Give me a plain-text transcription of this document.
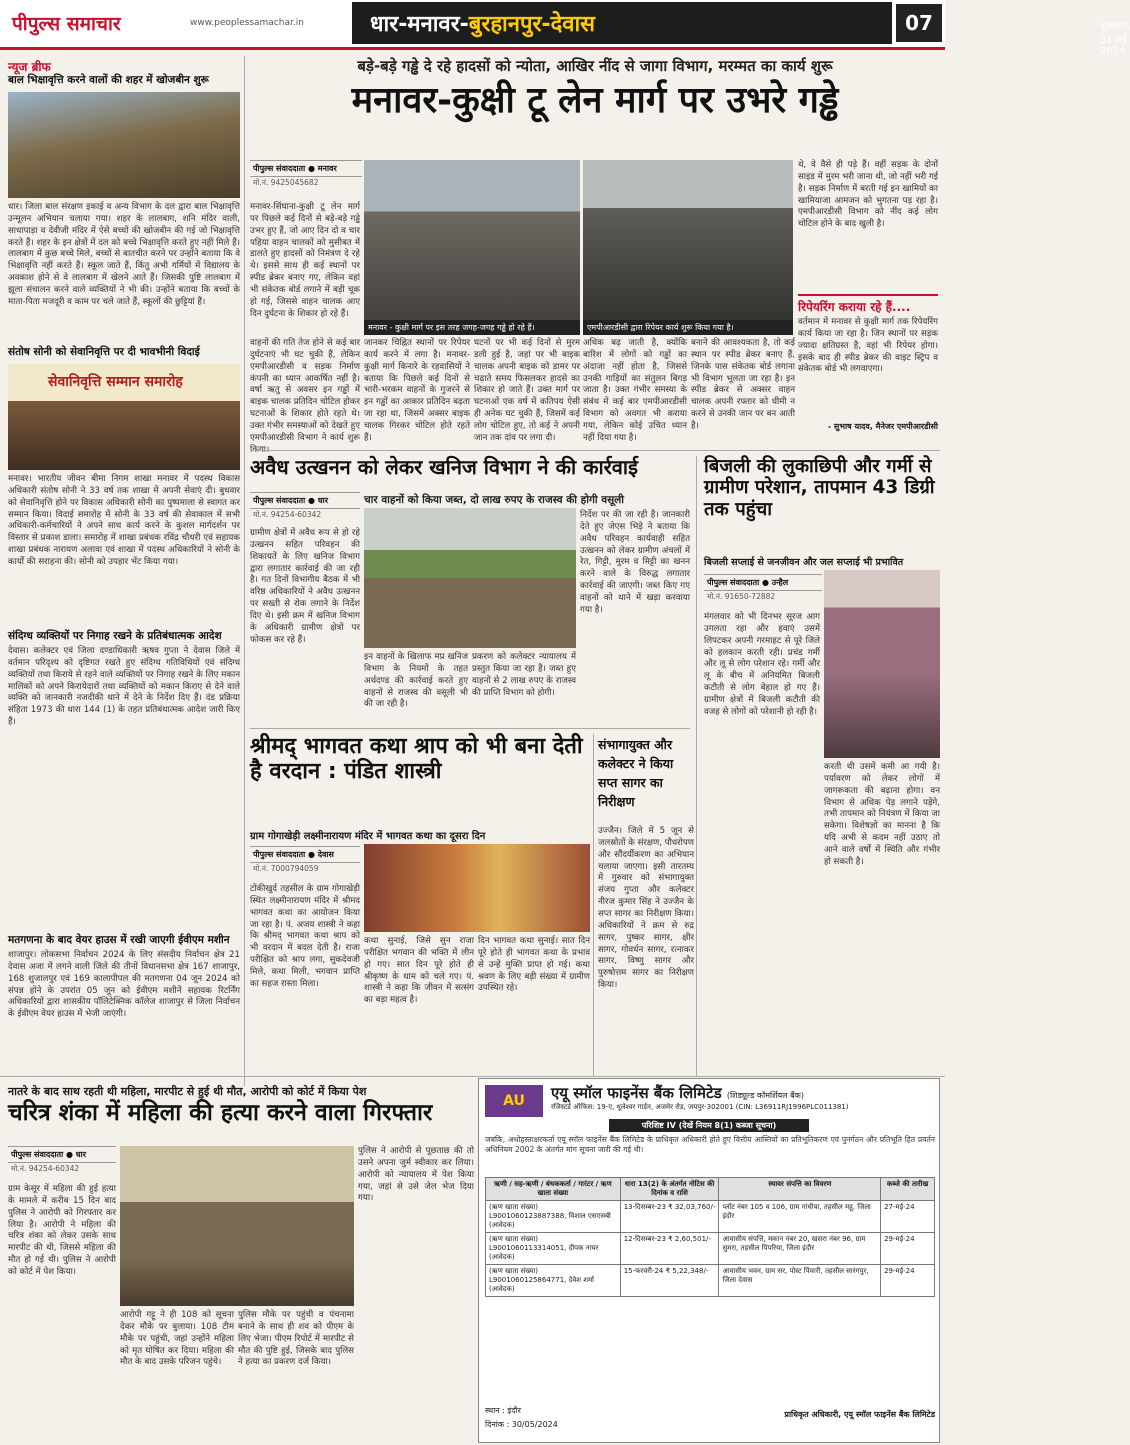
पीपुल्स समाचार	www.peoplessamachar.in	धार-मनावर-बुरहानपुर-देवास	शुक्रवार, 31 मई 2024
07
न्यूज ब्रीफ
बाल भिक्षावृत्ति करने वालों की शहर में खोजबीन शुरू

धार। जिला बाल संरक्षण इकाई व अन्य विभाग के दल द्वारा बाल भिक्षावृत्ति उन्मूलन अभियान चलाया गया। शहर के लालबाग, शनि मंदिर वाली, साधापाड़ा व देवीजी मंदिर में ऐसे बच्चों की खोजबीन की गई जो भिक्षावृत्ति करते हैं। शहर के इन क्षेत्रों में दल को बच्चे भिक्षावृत्ति करते हुए नहीं मिले हैं। लालबाग में कुछ बच्चे मिले, बच्चों से बातचीत करने पर उन्होंने बताया कि वे भिक्षावृत्ति नहीं करते हैं। स्कूल जाते हैं, किंतु अभी गर्मियों में विद्यालय के अवकाश होने से वे लालबाग में खेलने आते हैं। जिसकी पुष्टि लालबाग में झूला संचालन करने वाले व्यक्तियों ने भी की। उन्होंने बताया कि बच्चों के माता-पिता मजदूरी व काम पर चले जाते हैं, स्कूलों की छुट्टियां हैं।

संतोष सोनी को सेवानिवृत्ति पर दी भावभीनी विदाई
सेवानिवृत्ति सम्मान समारोह

मनावर। भारतीय जीवन बीमा निगम शाखा मनावर में पदस्थ विकास अधिकारी संतोष सोनी ने 33 वर्ष तक शाखा में अपनी सेवाएं दी। बुधवार को सेवानिवृत्ति होने पर विकास अधिकारी सोनी का पुष्पमाला से स्वागत कर सम्मान किया। विदाई समारोह में सोनी के 33 वर्ष की सेवाकाल में सभी अधिकारी-कर्मचारियों ने अपने साथ कार्य करने के कुशल मार्गदर्शन पर विस्तार से प्रकाश डाला। समारोह में शाखा प्रबंधक रविंद्र चौधरी एवं सहायक शाखा प्रबंधक नारायण अलावा एवं शाखा में पदस्थ अधिकारियों ने सोनी के कार्यों की सराहना की। सोनी को उपहार भेंट किया गया।

संदिग्ध व्यक्तियों पर निगाह रखने के प्रतिबंधात्मक आदेश

देवास। कलेक्टर एवं जिला दण्डाधिकारी ऋषव गुप्ता ने देवास जिले में वर्तमान परिदृश्य को दृष्टिगत रखते हुए संदिग्ध गतिविधियों एवं संदिग्ध व्यक्तियों तथा किराये से रहने वाले व्यक्तियों पर निगाह रखने के लिए मकान मालिकों को अपने किरायेदारों तथा व्यक्तियों को मकान किराए से देने वाले व्यक्ति को जानकारी नजदीकी थाने में देने के निर्देश दिए हैं। दंड प्रक्रिया संहिता 1973 की धारा 144 (1) के तहत प्रतिबंधात्मक आदेश जारी किए हैं।

मतगणना के बाद वेयर हाउस में रखी जाएगी ईवीएम मशीन

शाजापुर। लोकसभा निर्वाचन 2024 के लिए संसदीय निर्वाचन क्षेत्र 21 देवास अजा में लगने वाली जिले की तीनों विधानसभा क्षेत्र 167 शाजापुर, 168 शुजालपुर एवं 169 कालापीपल की मतगणना 04 जून 2024 को संपन्न होने के उपरांत 05 जून को ईवीएम मशीनें सहायक रिटर्निंग अधिकारियों द्वारा शासकीय पॉलिटेक्निक कॉलेज शाजापुर से जिला निर्वाचन के ईवीएम वेयर हाउस में भेजी जाएंगी।

बड़े-बड़े गड्ढे दे रहे हादसों को न्योता, आखिर नींद से जागा विभाग, मरम्मत का कार्य शुरू
मनावर-कुक्षी टू लेन मार्ग पर उभरे गड्ढे
पीपुल्स संवाददाता ● मनावर
मो.नं. 9425045682
मनावर - कुक्षी मार्ग पर इस तरह जगह-जगह गड्ढे हो रहे हैं।	एमपीआरडीसी द्वारा रिपेयर कार्य शुरू किया गया है।

मनावर-सिंघाना-कुक्षी टू लेन मार्ग पर पिछले कई दिनों से बड़े-बड़े गड्ढे उभर हुए हैं, जो आए दिन दो व चार पहिया वाहन चालकों को मुसीबत में डालते हुए हादसों को निमंत्रण दे रहे थे। इससे साथ ही कई स्थानों पर स्पीड ब्रेकर बनाए गए, लेकिन वहां भी संकेतक बोर्ड लगाने में बड़ी चूक हो गई, जिससे वाहन चालक आए दिन दुर्घटना के शिकार हो रहे हैं।

वाहनों की गति तेज होने से कई बार दुर्घटनाएं भी घट चुकी हैं, लेकिन एमपीआरडीसी व सड़क निर्माण कंपनी का ध्यान आकर्षित नहीं है। वर्षा ऋतु से अवसर इन गड्ढों में बाइक चालक प्रतिदिन चोटिल होकर घटनाओं के शिकार होते रहते थे। उक्त गंभीर समस्याओं को देखते हुए एमपीआरडीसी विभाग ने कार्य शुरू

जानकर चिह्नित स्थानों पर रिपेयर कार्य करने में लगा है। मनावर-कुक्षी मार्ग किनारे के रहवासियों ने बताया कि पिछले कई दिनों से भारी-भरकम वाहनों के गुजरने से इन गड्ढों का आकार प्रतिदिन बढ़ता जा रहा था, जिसमें अक्सर बाइक चालक गिरकर चोटिल होते रहते हैं।

घटनों पर भी कई दिनों से मुरम डली हुई है, जहां पर भी बाइक चालक अपनी बाइक को डामर पर चढ़ाते समय फिसलकर हादसे का शिकार हो जाते हैं। उक्त मार्ग पर घटनाओं एक वर्ष में कतिपय ऐसी ही अनेक घट चुकी हैं, जिसमें कई लोग चोटिल हुए, तो कई ने अपनी जान तक दांव पर लगा दी।

अधिक बढ़ जाती है, क्योंकि बारिश में लोगों को गड्ढों का अंदाजा नहीं होता है, जिससे उनकी गाड़ियों का संतुलन बिगड़ जाता है। उक्त गंभीर समस्या के संबंध में कई बार एमपीआरडीसी विभाग को अवगत भी कराया गया, लेकिन कोई उचित ध्यान नहीं दिया गया है।

बनाने की आवश्यकता है, तो कई स्थान पर स्पीड ब्रेकर बनाए हैं, जिनके पास संकेतक बोर्ड लगाना भी विभाग भूलता जा रहा है। इन स्पीड ब्रेकर से अक्सर वाहन चालक अपनी रफ्तार को धीमी न करने से उनकी जान पर बन आती है।

थे, वे वैसे ही पड़े हैं। वहीं सड़क के दोनों साइड में मुरम भरी जाना थी, जो नहीं भरी गई है। सड़क निर्माण में बरती गई इन खामियों का खामियाजा आमजन को भुगतना पड़ रहा है। एमपीआरडीसी विभाग को नींद कई लोग चोटिल होने के बाद खुली है।

रिपेयरिंग कराया रहे हैं....

वर्तमान में मनावर से कुक्षी मार्ग तक रिपेयरिंग कार्य किया जा रहा है। जिन स्थानों पर सड़क ज्यादा क्षतिग्रस्त है, वहां भी रिपेयर होगा। इसके बाद ही स्पीड ब्रेकर की वाइट स्ट्रिप व संकेतक बोर्ड भी लगवाएगा।

- सुभाष यादव, मैनेजर एमपीआरडीसी
अवैध उत्खनन को लेकर खनिज विभाग ने की कार्रवाई
चार वाहनों को किया जब्त, दो लाख रुपए के राजस्व की होगी वसूली
पीपुल्स संवाददाता ● धार
मो.नं. 94254-60342

ग्रामीण क्षेत्रों में अवैध रूप से हो रहे उत्खनन सहित परिवहन की शिकायतें के लिए खनिज विभाग द्वारा लगातार कार्रवाई की जा रही है। गत दिनों विभागीय बैठक में भी वरिष्ठ अधिकारियों ने अवैध उत्खनन पर सख्ती से रोक लगाने के निर्देश दिए थे। इसी क्रम में खनिज विभाग के अधिकारी ग्रामीण क्षेत्रों पर फोकस कर रहे हैं।

इन वाहनों के खिलाफ मप्र खनिज विभाग के नियमों के तहत अर्थदण्ड की कार्रवाई करते हुए वाहनों से राजस्व की वसूली भी की जा रही है।

प्रकरण को कलेक्टर न्यायालय में प्रस्तुत किया जा रहा है। जब्त हुए वाहनों से 2 लाख रुपए के राजस्व की प्राप्ति विभाग को होगी।

निर्देश पर की जा रही है। जानकारी देते हुए जेएस भिड़े ने बताया कि अवैध परिवहन कार्यवाही सहित उत्खनन को लेकर ग्रामीण अंचलों में रेत, गिट्टी, मुरम व मिट्टी का खनन करने वाले के विरुद्ध लगातार कार्रवाई की जाएगी। जब्त किए गए वाहनों को थाने में खड़ा करवाया गया है।

बिजली की लुकाछिपी और गर्मी से ग्रामीण परेशान, तापमान 43 डिग्री तक पहुंचा
बिजली सप्लाई से जनजीवन और जल सप्लाई भी प्रभावित
पीपुल्स संवाददाता ● उन्हैल
मो.नं. 91650-72882

मंगलवार को भी दिनभर सूरज आग उगलता रहा और हवाएं उसमें लिपटकर अपनी गरमाहट से पूरे जिले को हलकान करती रही। प्रचंड गर्मी और लू से लोग परेशान रहे। गर्मी और लू के बीच में अनियमित बिजली कटौती से लोग बेहाल हो गए हैं। ग्रामीण क्षेत्रों में बिजली कटौती की वजह से लोगों को परेशानी हो रही है।

करती थी उसमें कमी आ गयी है। पर्यावरण को लेकर लोगों में जागरूकता की बढ़ाना होगा। वन विभाग से अधिक पेड़ लगाने पड़ेंगे, तभी तापमान को नियंत्रण में किया जा सकेगा। विशेषज्ञों का मानना है कि यदि अभी से कदम नहीं उठाए तो आने वाले वर्षों में स्थिति और गंभीर हो सकती है।

श्रीमद् भागवत कथा श्राप को भी बना देती है वरदान : पंडित शास्त्री
ग्राम गोगाखेड़ी लक्ष्मीनारायण मंदिर में भागवत कथा का दूसरा दिन
पीपुल्स संवाददाता ● देवास
मो.नं. 7000794059

टोंकीखुर्द तहसील के ग्राम गोगाखेड़ी स्थित लक्ष्मीनारायण मंदिर में श्रीमद भागवत कथा का आयोजन किया जा रहा है। पं. अजय शास्त्री ने कहा कि श्रीमद् भागवत कथा श्राप को भी वरदान में बदल देती है। राजा परीक्षित को श्राप लगा, सुकदेवजी मिले, कथा मिली, भगवान प्राप्ति का सहज रास्ता मिला।

कथा सुनाई, जिसे सुन राजा परीक्षित भगवान की भक्ति में लीन हो गए। सात दिन पूरे होते ही श्रीकृष्ण के धाम को चले गए। पं. शास्त्री ने कहा कि जीवन में सत्संग का बड़ा महत्व है।

दिन भागवत कथा सुनाई। सात दिन पूरे होते ही भागवत कथा के प्रभाव से उन्हें मुक्ति प्राप्त हो गई। कथा श्रवण के लिए बड़ी संख्या में ग्रामीण उपस्थित रहे।

संभागायुक्त और कलेक्टर ने किया सप्त सागर का निरीक्षण

उज्जैन। जिले में 5 जून से जलस्रोतों के संरक्षण, पौधरोपण और सौंदर्यीकरण का अभियान चलाया जाएगा। इसी तारतम्य में गुरुवार को संभागायुक्त संजय गुप्ता और कलेक्टर नीरज कुमार सिंह ने उज्जैन के सप्त सागर का निरीक्षण किया। अधिकारियों ने क्रम से रुद्र सागर, पुष्कर सागर, क्षीर सागर, गोवर्धन सागर, रत्नाकर सागर, विष्णु सागर और पुरुषोत्तम सागर का निरीक्षण किया।

नातरे के बाद साथ रहती थी महिला, मारपीट से हुई थी मौत, आरोपी को कोर्ट में किया पेश
चरित्र शंका में महिला की हत्या करने वाला गिरफ्तार
पीपुल्स संवाददाता ● धार
मो.नं. 94254-60342

ग्राम केसूर में महिला की हुई हत्या के मामले में करीब 15 दिन बाद पुलिस ने आरोपी को गिरफ्तार कर लिया है। आरोपी ने महिला की चरित्र शंका को लेकर उसके साथ मारपीट की थी, जिससे महिला की मौत हो गई थी। पुलिस ने आरोपी को कोर्ट में पेश किया।

आरोपी गट्टू ने ही 108 को सूचना देकर मौके पर बुलाया। 108 टीम मौके पर पहुंची, जहां उन्होंने महिला को मृत घोषित कर दिया। महिला की मौत के बाद उसके परिजन पहुंचे।

पुलिस मौके पर पहुंची व पंचनामा बनाने के साथ ही शव को पीएम के लिए भेजा। पीएम रिपोर्ट में मारपीट से मौत की पुष्टि हुई, जिसके बाद पुलिस ने हत्या का प्रकरण दर्ज किया।

पुलिस ने आरोपी से पूछताछ की तो उसने अपना जुर्म स्वीकार कर लिया। आरोपी को न्यायालय में पेश किया गया, जहां से उसे जेल भेज दिया गया।

AU	एयू स्मॉल फाइनेंस बैंक लिमिटेड (शिड्यूल्ड कॉमर्शियल बैंक)
रजिस्टर्ड ऑफिस: 19-ए, धूलेश्वर गार्डन, अजमेर रोड, जयपुर-302001 (CIN: L36911RJ1996PLC011381)
परिशिष्ट IV (देखें नियम 8(1) कब्जा सूचना)

जबकि, अधोहस्ताक्षरकर्ता एयू स्मॉल फाइनेंस बैंक लिमिटेड के प्राधिकृत अधिकारी होते हुए वित्तीय आस्तियों का प्रतिभूतिकरण एवं पुनर्गठन और प्रतिभूति हित प्रवर्तन अधिनियम 2002 के अंतर्गत मांग सूचना जारी की गई थी।

ऋणी / सह-ऋणी / बंधककर्ता / गारंटर / ऋण खाता संख्या	धारा 13(2) के अंतर्गत नोटिस की दिनांक व राशि	स्थावर संपत्ति का विवरण	कब्जे की तारीख
(ऋण खाता संख्या) L9001060123887388, विशाल एसएसबी (आवेदक)	13-दिसम्बर-23 ₹ 32,03,760/-	प्लॉट नंबर 105 व 106, ग्राम गांधीवा, तहसील महू, जिला इंदौर	27-मई-24
(ऋण खाता संख्या) L9001060113314051, दीपक नायर (आवेदक)	12-दिसम्बर-23 ₹ 2,60,501/-	आवासीय संपत्ति, मकान नंबर 20, खसरा नंबर 96, ग्राम सुमरा, तहसील पिपरिया, जिला इंदौर	29-मई-24
(ऋण खाता संख्या) L9001060125864771, देवेश शर्मा (आवेदक)	15-फरवरी-24 ₹ 5,22,348/-	आवासीय भवन, ग्राम सर, पोस्ट पिंचारी, तहसील सारंगपुर, जिला देवास	29-मई-24
स्थान : इंदौर
दिनांक : 30/05/2024
प्राधिकृत अधिकारी, एयू स्मॉल फाइनेंस बैंक लिमिटेड
